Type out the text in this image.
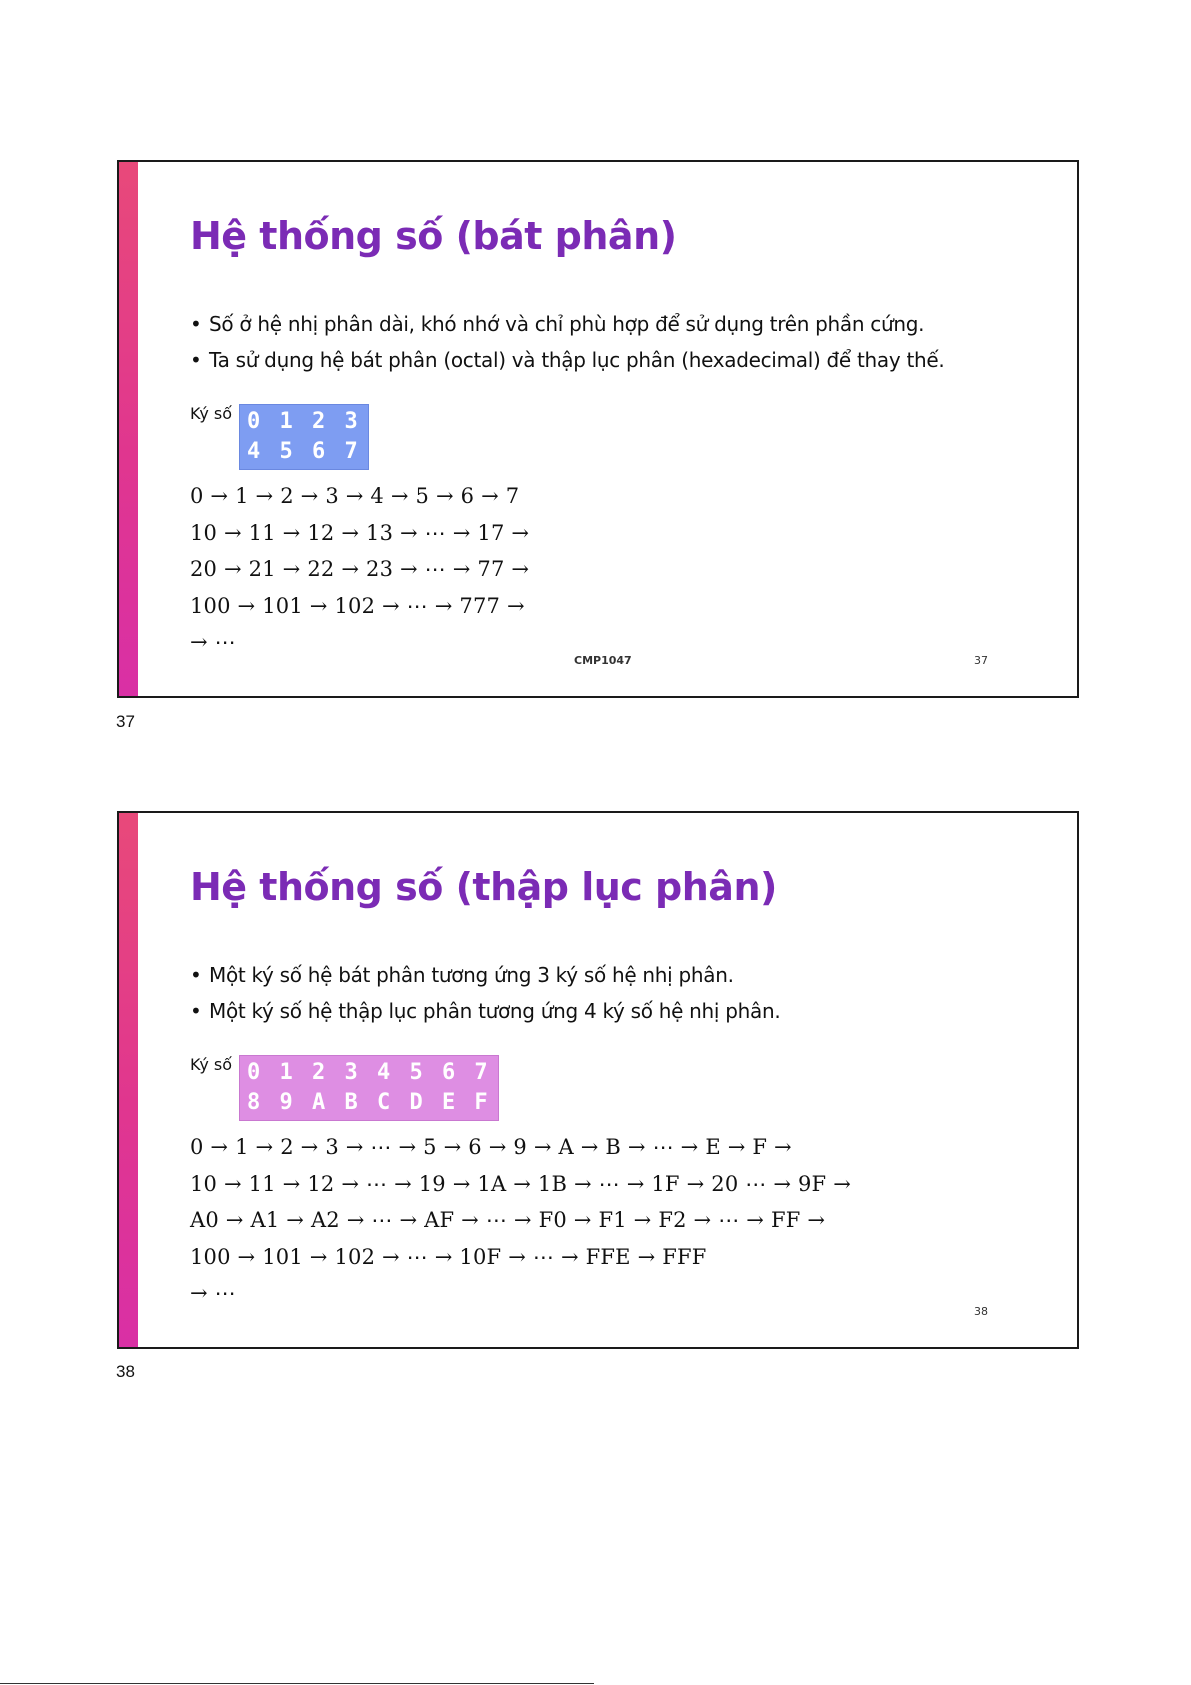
Hệ thống số (bát phân)
• Số ở hệ nhị phân dài, khó nhớ và chỉ phù hợp để sử dụng trên phần cứng.
• Ta sử dụng hệ bát phân (octal) và thập lục phân (hexadecimal) để thay thế.
Ký số 0 1 2 3
4 5 6 7
0 → 1 → 2 → 3 → 4 → 5 → 6 → 7
10 → 11 → 12 → 13 → ⋯ → 17 →
20 → 21 → 22 → 23 → ⋯ → 77 →
100 → 101 → 102 → ⋯ → 777 →
→ ⋯
CMP1047	37
37
Hệ thống số (thập lục phân)
• Một ký số hệ bát phân tương ứng 3 ký số hệ nhị phân.
• Một ký số hệ thập lục phân tương ứng 4 ký số hệ nhị phân.
Ký số 0 1 2 3 4 5 6 7
8 9 A B C D E F
0 → 1 → 2 → 3 → ⋯ → 5 → 6 → 9 → A → B → ⋯ → E → F →
10 → 11 → 12 → ⋯ → 19 → 1A → 1B → ⋯ → 1F → 20 ⋯ → 9F →
A0 → A1 → A2 → ⋯ → AF → ⋯ → F0 → F1 → F2 → ⋯ → FF →
100 → 101 → 102 → ⋯ → 10F → ⋯ → FFE → FFF
→ ⋯
38
38
